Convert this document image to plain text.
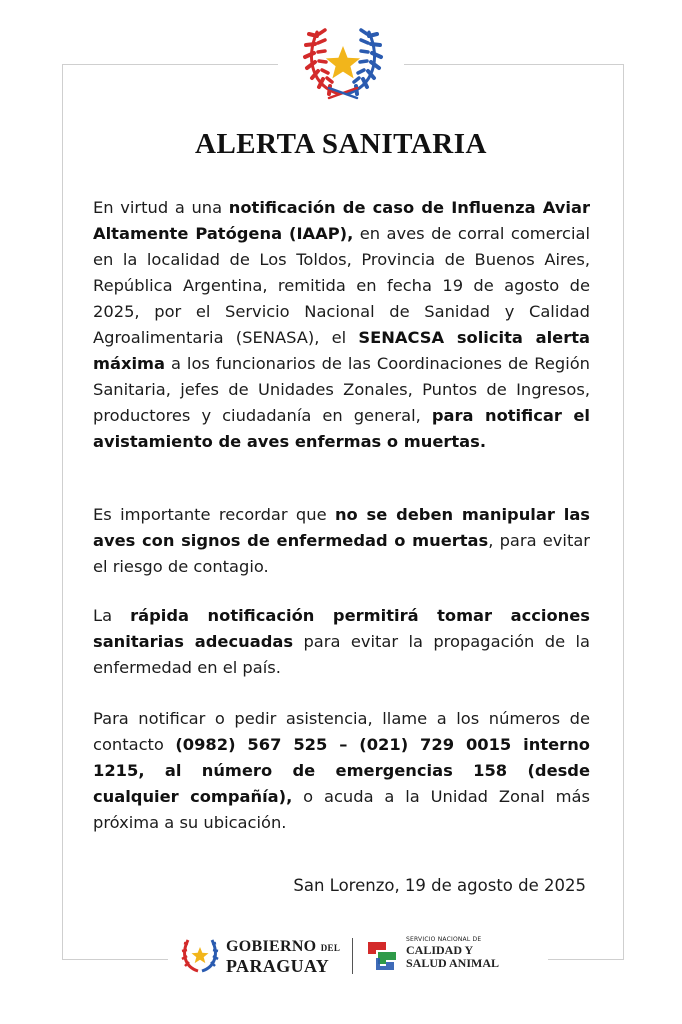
ALERTA SANITARIA
En virtud a una notificación de caso de Influenza Aviar Altamente Patógena (IAAP), en aves de corral comercial en la localidad de Los Toldos, Provincia de Buenos Aires, República Argentina, remitida en fecha 19 de agosto de 2025, por el Servicio Nacional de Sanidad y Calidad Agroalimentaria (SENASA), el SENACSA solicita alerta máxima a los funcionarios de las Coordinaciones de Región Sanitaria, jefes de Unidades Zonales, Puntos de Ingresos, productores y ciudadanía en general, para notificar el avistamiento de aves enfermas o muertas.
Es importante recordar que no se deben manipular las aves con signos de enfermedad o muertas, para evitar el riesgo de contagio.
La rápida notificación permitirá tomar acciones sanitarias adecuadas para evitar la propagación de la enfermedad en el país.
Para notificar o pedir asistencia, llame a los números de contacto (0982) 567 525 – (021) 729 0015 interno 1215, al número de emergencias 158 (desde cualquier compañía), o acuda a la Unidad Zonal más próxima a su ubicación.
San Lorenzo, 19 de agosto de 2025
GOBIERNO DEL
PARAGUAY
SERVICIO NACIONAL DE
CALIDAD Y
SALUD ANIMAL
